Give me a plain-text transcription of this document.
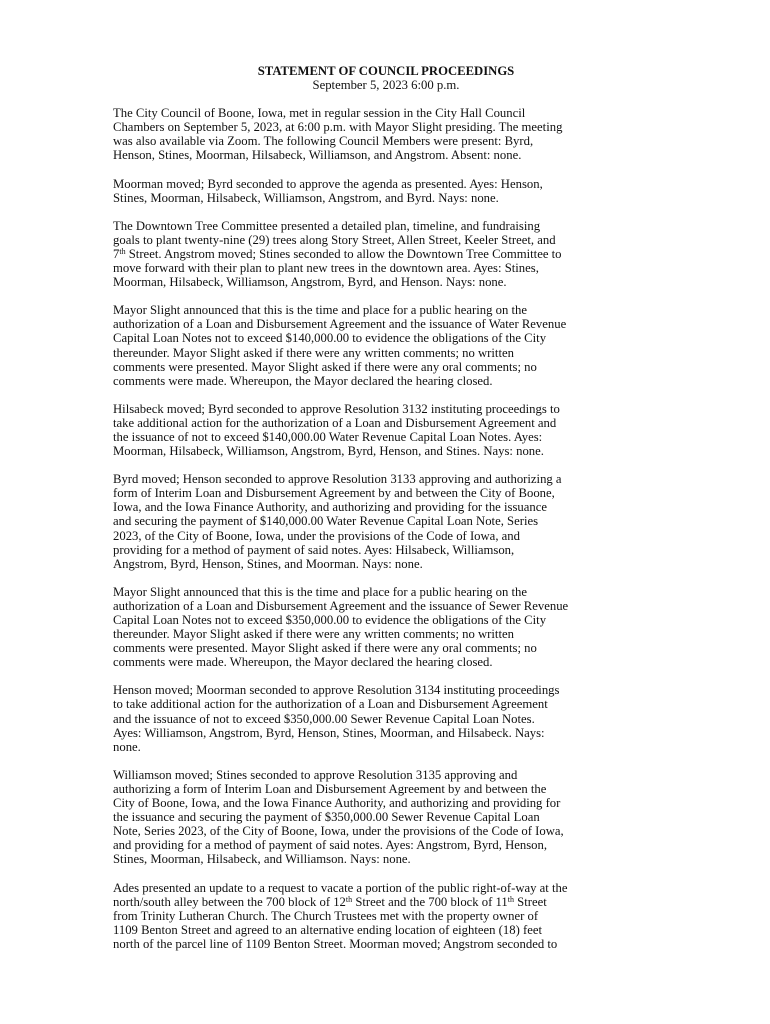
STATEMENT OF COUNCIL PROCEEDINGS

September 5, 2023 6:00 p.m.

The City Council of Boone, Iowa, met in regular session in the City Hall Council
Chambers on September 5, 2023, at 6:00 p.m. with Mayor Slight presiding. The meeting
was also available via Zoom. The following Council Members were present: Byrd,
Henson, Stines, Moorman, Hilsabeck, Williamson, and Angstrom. Absent: none.

Moorman moved; Byrd seconded to approve the agenda as presented. Ayes: Henson,
Stines, Moorman, Hilsabeck, Williamson, Angstrom, and Byrd. Nays: none.

The Downtown Tree Committee presented a detailed plan, timeline, and fundraising
goals to plant twenty-nine (29) trees along Story Street, Allen Street, Keeler Street, and
7th Street. Angstrom moved; Stines seconded to allow the Downtown Tree Committee to
move forward with their plan to plant new trees in the downtown area. Ayes: Stines,
Moorman, Hilsabeck, Williamson, Angstrom, Byrd, and Henson. Nays: none.

Mayor Slight announced that this is the time and place for a public hearing on the
authorization of a Loan and Disbursement Agreement and the issuance of Water Revenue
Capital Loan Notes not to exceed $140,000.00 to evidence the obligations of the City
thereunder. Mayor Slight asked if there were any written comments; no written
comments were presented. Mayor Slight asked if there were any oral comments; no
comments were made. Whereupon, the Mayor declared the hearing closed.

Hilsabeck moved; Byrd seconded to approve Resolution 3132 instituting proceedings to
take additional action for the authorization of a Loan and Disbursement Agreement and
the issuance of not to exceed $140,000.00 Water Revenue Capital Loan Notes. Ayes:
Moorman, Hilsabeck, Williamson, Angstrom, Byrd, Henson, and Stines. Nays: none.

Byrd moved; Henson seconded to approve Resolution 3133 approving and authorizing a
form of Interim Loan and Disbursement Agreement by and between the City of Boone,
Iowa, and the Iowa Finance Authority, and authorizing and providing for the issuance
and securing the payment of $140,000.00 Water Revenue Capital Loan Note, Series
2023, of the City of Boone, Iowa, under the provisions of the Code of Iowa, and
providing for a method of payment of said notes. Ayes: Hilsabeck, Williamson,
Angstrom, Byrd, Henson, Stines, and Moorman. Nays: none.

Mayor Slight announced that this is the time and place for a public hearing on the
authorization of a Loan and Disbursement Agreement and the issuance of Sewer Revenue
Capital Loan Notes not to exceed $350,000.00 to evidence the obligations of the City
thereunder. Mayor Slight asked if there were any written comments; no written
comments were presented. Mayor Slight asked if there were any oral comments; no
comments were made. Whereupon, the Mayor declared the hearing closed.

Henson moved; Moorman seconded to approve Resolution 3134 instituting proceedings
to take additional action for the authorization of a Loan and Disbursement Agreement
and the issuance of not to exceed $350,000.00 Sewer Revenue Capital Loan Notes.
Ayes: Williamson, Angstrom, Byrd, Henson, Stines, Moorman, and Hilsabeck. Nays:
none.

Williamson moved; Stines seconded to approve Resolution 3135 approving and
authorizing a form of Interim Loan and Disbursement Agreement by and between the
City of Boone, Iowa, and the Iowa Finance Authority, and authorizing and providing for
the issuance and securing the payment of $350,000.00 Sewer Revenue Capital Loan
Note, Series 2023, of the City of Boone, Iowa, under the provisions of the Code of Iowa,
and providing for a method of payment of said notes. Ayes: Angstrom, Byrd, Henson,
Stines, Moorman, Hilsabeck, and Williamson. Nays: none.

Ades presented an update to a request to vacate a portion of the public right-of-way at the
north/south alley between the 700 block of 12th Street and the 700 block of 11th Street
from Trinity Lutheran Church. The Church Trustees met with the property owner of
1109 Benton Street and agreed to an alternative ending location of eighteen (18) feet
north of the parcel line of 1109 Benton Street. Moorman moved; Angstrom seconded to
